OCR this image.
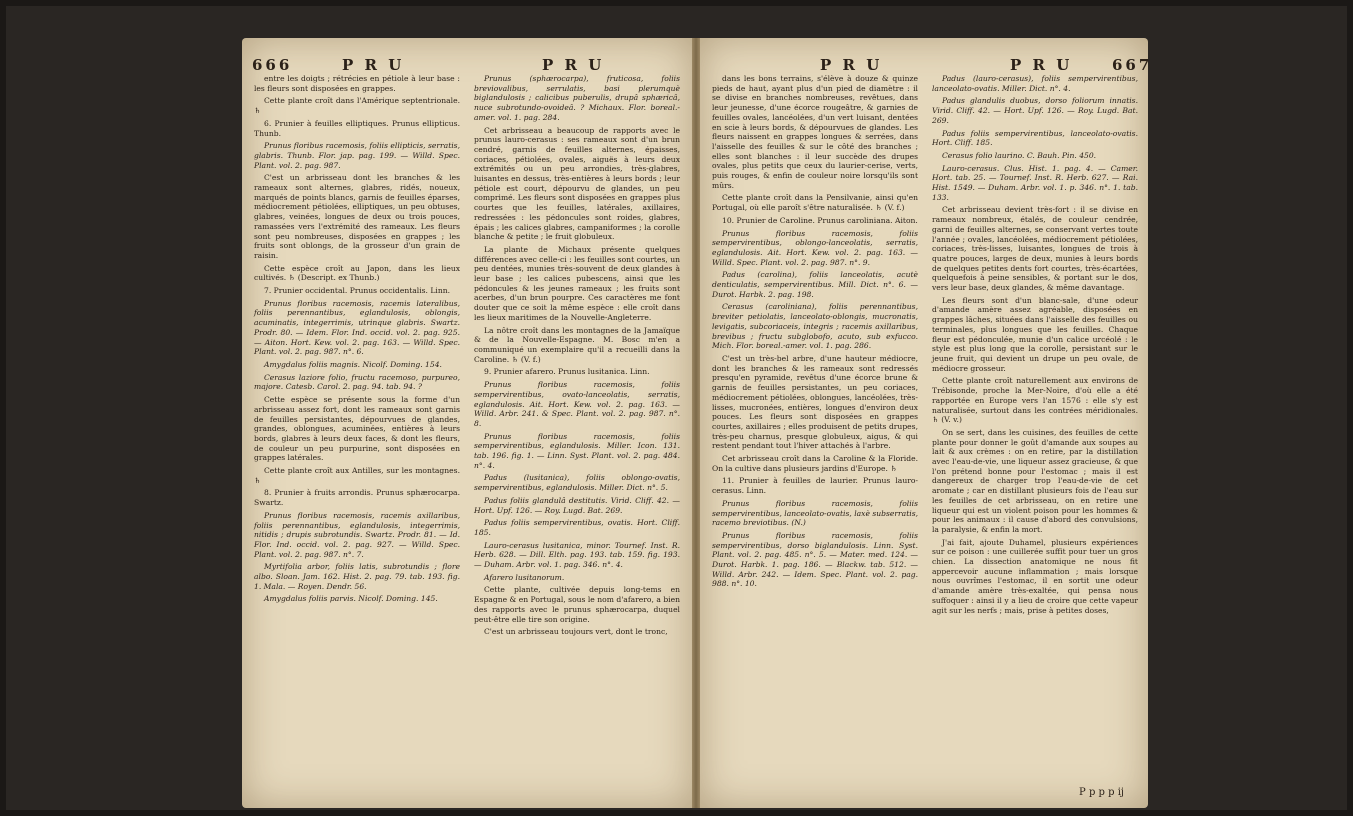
666	P R U	P R U

entre les doigts ; rétrécies en pétiole à leur base : les fleurs sont disposées en grappes.

Cette plante croît dans l'Amérique septentrionale. ♄

6. Prunier à feuilles elliptiques. Prunus ellipticus. Thunb.

Prunus floribus racemosis, foliis ellipticis, serratis, glabris. Thunb. Flor. jap. pag. 199. — Willd. Spec. Plant. vol. 2. pag. 987.

C'est un arbrisseau dont les branches & les rameaux sont alternes, glabres, ridés, noueux, marqués de points blancs, garnis de feuilles éparses, médiocrement pétiolées, elliptiques, un peu obtuses, glabres, veinées, longues de deux ou trois pouces, ramassées vers l'extrémité des rameaux. Les fleurs sont peu nombreuses, disposées en grappes ; les fruits sont oblongs, de la grosseur d'un grain de raisin.

Cette espèce croît au Japon, dans les lieux cultivés. ♄ (Descript. ex Thunb.)

7. Prunier occidental. Prunus occidentalis. Linn.

Prunus floribus racemosis, racemis lateralibus, foliis perennantibus, eglandulosis, oblongis, acuminatis, integerrimis, utrinque glabris. Swartz. Prodr. 80. — Idem. Flor. Ind. occid. vol. 2. pag. 925. — Aiton. Hort. Kew. vol. 2. pag. 163. — Willd. Spec. Plant. vol. 2. pag. 987. n°. 6.

Amygdalus foliis magnis. Nicolf. Doming. 154.

Cerasus laziore folio, fructu racemoso, purpureo, majore. Catesb. Carol. 2. pag. 94. tab. 94. ?

Cette espèce se présente sous la forme d'un arbrisseau assez fort, dont les rameaux sont garnis de feuilles persistantes, dépourvues de glandes, grandes, oblongues, acuminées, entières à leurs bords, glabres à leurs deux faces, & dont les fleurs, de couleur un peu purpurine, sont disposées en grappes latérales.

Cette plante croît aux Antilles, sur les montagnes. ♄

8. Prunier à fruits arrondis. Prunus sphærocarpa. Swartz.

Prunus floribus racemosis, racemis axillaribus, foliis perennantibus, eglandulosis, integerrimis, nitidis ; drupis subrotundis. Swartz. Prodr. 81. — Id. Flor. Ind. occid. vol. 2. pag. 927. — Willd. Spec. Plant. vol. 2. pag. 987. n°. 7.

Myrtifolia arbor, foliis latis, subrotundis ; flore albo. Sloan. Jam. 162. Hist. 2. pag. 79. tab. 193. fig. 1. Mala. — Royen. Dendr. 56.

Amygdalus foliis parvis. Nicolf. Doming. 145.

Prunus (sphærocarpa), fruticosa, foliis breviovalibus, serrulatis, basi plerumquè biglandulosis ; calicibus puberulis, drupâ sphæricâ, nuce subrotundo-ovoideâ. ? Michaux. Flor. boreal.-amer. vol. 1. pag. 284.

Cet arbrisseau a beaucoup de rapports avec le prunus lauro-cerasus : ses rameaux sont d'un brun cendré, garnis de feuilles alternes, épaisses, coriaces, pétiolées, ovales, aiguës à leurs deux extrémités ou un peu arrondies, très-glabres, luisantes en dessus, très-entières à leurs bords ; leur pétiole est court, dépourvu de glandes, un peu comprimé. Les fleurs sont disposées en grappes plus courtes que les feuilles, latérales, axillaires, redressées : les pédoncules sont roides, glabres, épais ; les calices glabres, campaniformes ; la corolle blanche & petite ; le fruit globuleux.

La plante de Michaux présente quelques différences avec celle-ci : les feuilles sont courtes, un peu dentées, munies très-souvent de deux glandes à leur base ; les calices pubescens, ainsi que les pédoncules & les jeunes rameaux ; les fruits sont acerbes, d'un brun pourpre. Ces caractères me font douter que ce soit la même espèce : elle croît dans les lieux maritimes de la Nouvelle-Angleterre.

La nôtre croît dans les montagnes de la Jamaïque & de la Nouvelle-Espagne. M. Bosc m'en a communiqué un exemplaire qu'il a recueilli dans la Caroline. ♄ (V. f.)

9. Prunier afarero. Prunus lusitanica. Linn.

Prunus floribus racemosis, foliis sempervirentibus, ovato-lanceolatis, serratis, eglandulosis. Ait. Hort. Kew. vol. 2. pag. 163. — Willd. Arbr. 241. & Spec. Plant. vol. 2. pag. 987. n°. 8.

Prunus floribus racemosis, foliis sempervirentibus, eglandulosis. Miller. Icon. 131. tab. 196. fig. 1. — Linn. Syst. Plant. vol. 2. pag. 484. n°. 4.

Padus (lusitanica), foliis oblongo-ovatis, sempervirentibus, eglandulosis. Miller. Dict. n°. 5.

Padus foliis glandulâ destitutis. Virid. Cliff. 42. — Hort. Upf. 126. — Roy. Lugd. Bat. 269.

Padus foliis sempervirentibus, ovatis. Hort. Cliff. 185.

Lauro-cerasus lusitanica, minor. Tournef. Inst. R. Herb. 628. — Dill. Elth. pag. 193. tab. 159. fig. 193. — Duham. Arbr. vol. 1. pag. 346. n°. 4.

Afarero lusitanorum.

Cette plante, cultivée depuis long-tems en Espagne & en Portugal, sous le nom d'afarero, a bien des rapports avec le prunus sphærocarpa, duquel peut-être elle tire son origine.

C'est un arbrisseau toujours vert, dont le tronc,

P R U	P R U	667

dans les bons terrains, s'élève à douze & quinze pieds de haut, ayant plus d'un pied de diamètre : il se divise en branches nombreuses, revêtues, dans leur jeunesse, d'une écorce rougeâtre, & garnies de feuilles ovales, lancéolées, d'un vert luisant, dentées en scie à leurs bords, & dépourvues de glandes. Les fleurs naissent en grappes longues & serrées, dans l'aisselle des feuilles & sur le côté des branches ; elles sont blanches : il leur succède des drupes ovales, plus petits que ceux du laurier-cerise, verts, puis rouges, & enfin de couleur noire lorsqu'ils sont mûrs.

Cette plante croît dans la Pensilvanie, ainsi qu'en Portugal, où elle paroît s'être naturalisée. ♄ (V. f.)

10. Prunier de Caroline. Prunus caroliniana. Aiton.

Prunus floribus racemosis, foliis sempervirentibus, oblongo-lanceolatis, serratis, eglandulosis. Ait. Hort. Kew. vol. 2. pag. 163. — Willd. Spec. Plant. vol. 2. pag. 987. n°. 9.

Padus (carolina), foliis lanceolatis, acutè denticulatis, sempervirentibus. Mill. Dict. n°. 6. — Durot. Harbk. 2. pag. 198.

Cerasus (caroliniana), foliis perennantibus, breviter petiolatis, lanceolato-oblongis, mucronatis, levigatis, subcoriaceis, integris ; racemis axillaribus, brevibus ; fructu subglobofo, acuto, sub exfucco. Mich. Flor. boreal.-amer. vol. 1. pag. 286.

C'est un très-bel arbre, d'une hauteur médiocre, dont les branches & les rameaux sont redressés presqu'en pyramide, revêtus d'une écorce brune & garnis de feuilles persistantes, un peu coriaces, médiocrement pétiolées, oblongues, lancéolées, très-lisses, mucronées, entières, longues d'environ deux pouces. Les fleurs sont disposées en grappes courtes, axillaires ; elles produisent de petits drupes, très-peu charnus, presque globuleux, aigus, & qui restent pendant tout l'hiver attachés à l'arbre.

Cet arbrisseau croît dans la Caroline & la Floride. On la cultive dans plusieurs jardins d'Europe. ♄

11. Prunier à feuilles de laurier. Prunus lauro-cerasus. Linn.

Prunus floribus racemosis, foliis sempervirentibus, lanceolato-ovatis, laxè subserratis, racemo breviotibus. (N.)

Prunus floribus racemosis, foliis sempervirentibus, dorso biglandulosis. Linn. Syst. Plant. vol. 2. pag. 485. n°. 5. — Mater. med. 124. — Durot. Harbk. 1. pag. 186. — Blackw. tab. 512. — Willd. Arbr. 242. — Idem. Spec. Plant. vol. 2. pag. 988. n°. 10.

Padus (lauro-cerasus), foliis sempervirentibus, lanceolato-ovatis. Miller. Dict. n°. 4.

Padus glandulis duobus, dorso foliorum innatis. Virid. Cliff. 42. — Hort. Upf. 126. — Roy. Lugd. Bat. 269.

Padus foliis sempervirentibus, lanceolato-ovatis. Hort. Cliff. 185.

Cerasus folio laurino. C. Bauh. Pin. 450.

Lauro-cerasus. Clus. Hist. 1. pag. 4. — Camer. Hort. tab. 25. — Tournef. Inst. R. Herb. 627. — Rai. Hist. 1549. — Duham. Arbr. vol. 1. p. 346. n°. 1. tab. 133.

Cet arbrisseau devient très-fort : il se divise en rameaux nombreux, étalés, de couleur cendrée, garni de feuilles alternes, se conservant vertes toute l'année ; ovales, lancéolées, médiocrement pétiolées, coriaces, très-lisses, luisantes, longues de trois à quatre pouces, larges de deux, munies à leurs bords de quelques petites dents fort courtes, très-écartées, quelquefois à peine sensibles, & portant sur le dos, vers leur base, deux glandes, & même davantage.

Les fleurs sont d'un blanc-sale, d'une odeur d'amande amère assez agréable, disposées en grappes lâches, situées dans l'aisselle des feuilles ou terminales, plus longues que les feuilles. Chaque fleur est pédonculée, munie d'un calice urcéolé : le style est plus long que la corolle, persistant sur le jeune fruit, qui devient un drupe un peu ovale, de médiocre grosseur.

Cette plante croît naturellement aux environs de Trébisonde, proche la Mer-Noire, d'où elle a été rapportée en Europe vers l'an 1576 : elle s'y est naturalisée, surtout dans les contrées méridionales. ♄ (V. v.)

On se sert, dans les cuisines, des feuilles de cette plante pour donner le goût d'amande aux soupes au lait & aux crèmes : on en retire, par la distillation avec l'eau-de-vie, une liqueur assez gracieuse, & que l'on prétend bonne pour l'estomac ; mais il est dangereux de charger trop l'eau-de-vie de cet aromate ; car en distillant plusieurs fois de l'eau sur les feuilles de cet arbrisseau, on en retire une liqueur qui est un violent poison pour les hommes & pour les animaux : il cause d'abord des convulsions, la paralysie, & enfin la mort.

J'ai fait, ajoute Duhamel, plusieurs expériences sur ce poison : une cuillerée suffit pour tuer un gros chien. La dissection anatomique ne nous fit appercevoir aucune inflammation ; mais lorsque nous ouvrîmes l'estomac, il en sortit une odeur d'amande amère très-exaltée, qui pensa nous suffoquer : ainsi il y a lieu de croire que cette vapeur agit sur les nerfs ; mais, prise à petites doses,

P p p p ij
